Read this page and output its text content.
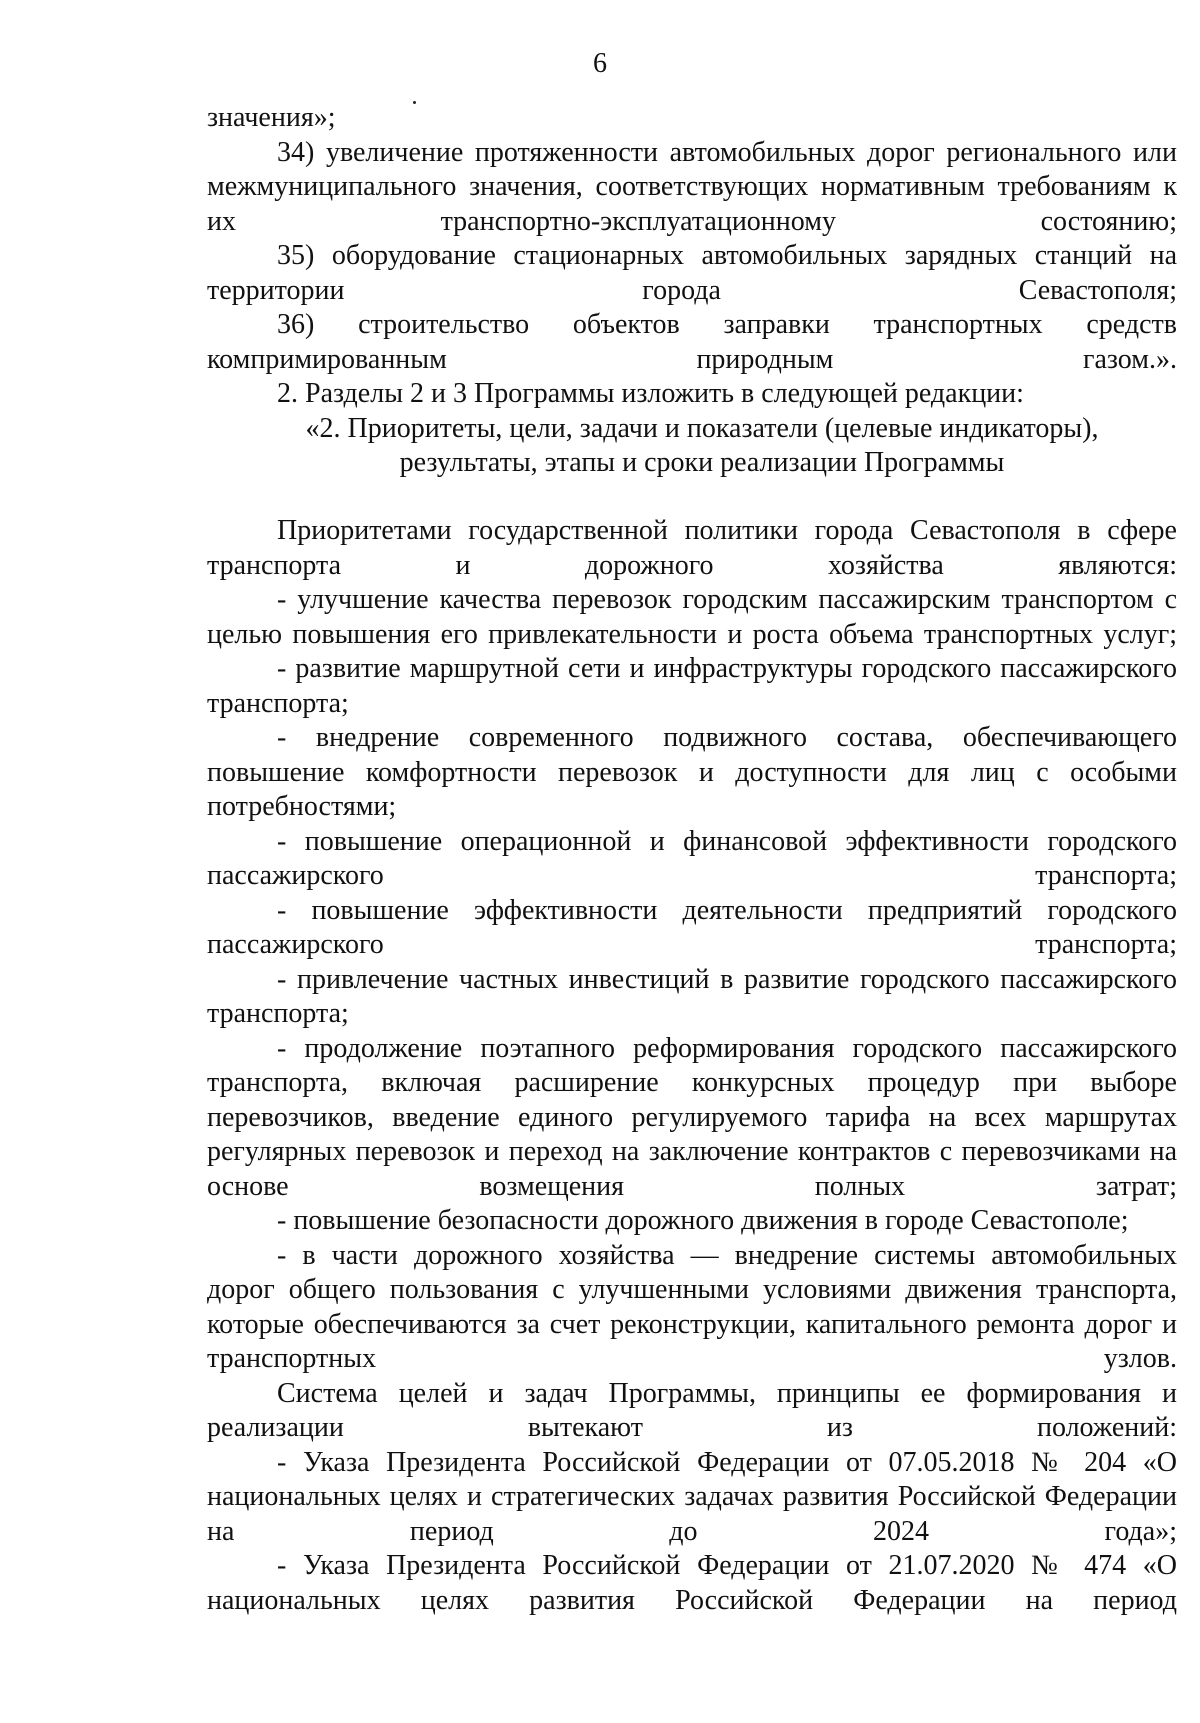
6

значения»;

34) увеличение протяженности автомобильных дорог регионального или межмуниципального значения, соответствующих нормативным требованиям к их транспортно-эксплуатационному состоянию;

35) оборудование стационарных автомобильных зарядных станций на территории города Севастополя;

36) строительство объектов заправки транспортных средств компримированным природным газом.».

2. Разделы 2 и 3 Программы изложить в следующей редакции:

«2. Приоритеты, цели, задачи и показатели (целевые индикаторы),

результаты, этапы и сроки реализации Программы

Приоритетами государственной политики города Севастополя в сфере транспорта и дорожного хозяйства являются:

- улучшение качества перевозок городским пассажирским транспортом с целью повышения его привлекательности и роста объема транспортных услуг;

- развитие маршрутной сети и инфраструктуры городского пассажирского транспорта;

- внедрение современного подвижного состава, обеспечивающего повышение комфортности перевозок и доступности для лиц с особыми потребностями;

- повышение операционной и финансовой эффективности городского пассажирского транспорта;

- повышение эффективности деятельности предприятий городского пассажирского транспорта;

- привлечение частных инвестиций в развитие городского пассажирского транспорта;

- продолжение поэтапного реформирования городского пассажирского транспорта, включая расширение конкурсных процедур при выборе перевозчиков, введение единого регулируемого тарифа на всех маршрутах регулярных перевозок и переход на заключение контрактов с перевозчиками на основе возмещения полных затрат;

- повышение безопасности дорожного движения в городе Севастополе;

- в части дорожного хозяйства — внедрение системы автомобильных дорог общего пользования с улучшенными условиями движения транспорта, которые обеспечиваются за счет реконструкции, капитального ремонта дорог и транспортных узлов.

Система целей и задач Программы, принципы ее формирования и реализации вытекают из положений:

- Указа Президента Российской Федерации от 07.05.2018 № 204 «О национальных целях и стратегических задачах развития Российской Федерации на период до 2024 года»;

- Указа Президента Российской Федерации от 21.07.2020 № 474 «О национальных целях развития Российской Федерации на период
